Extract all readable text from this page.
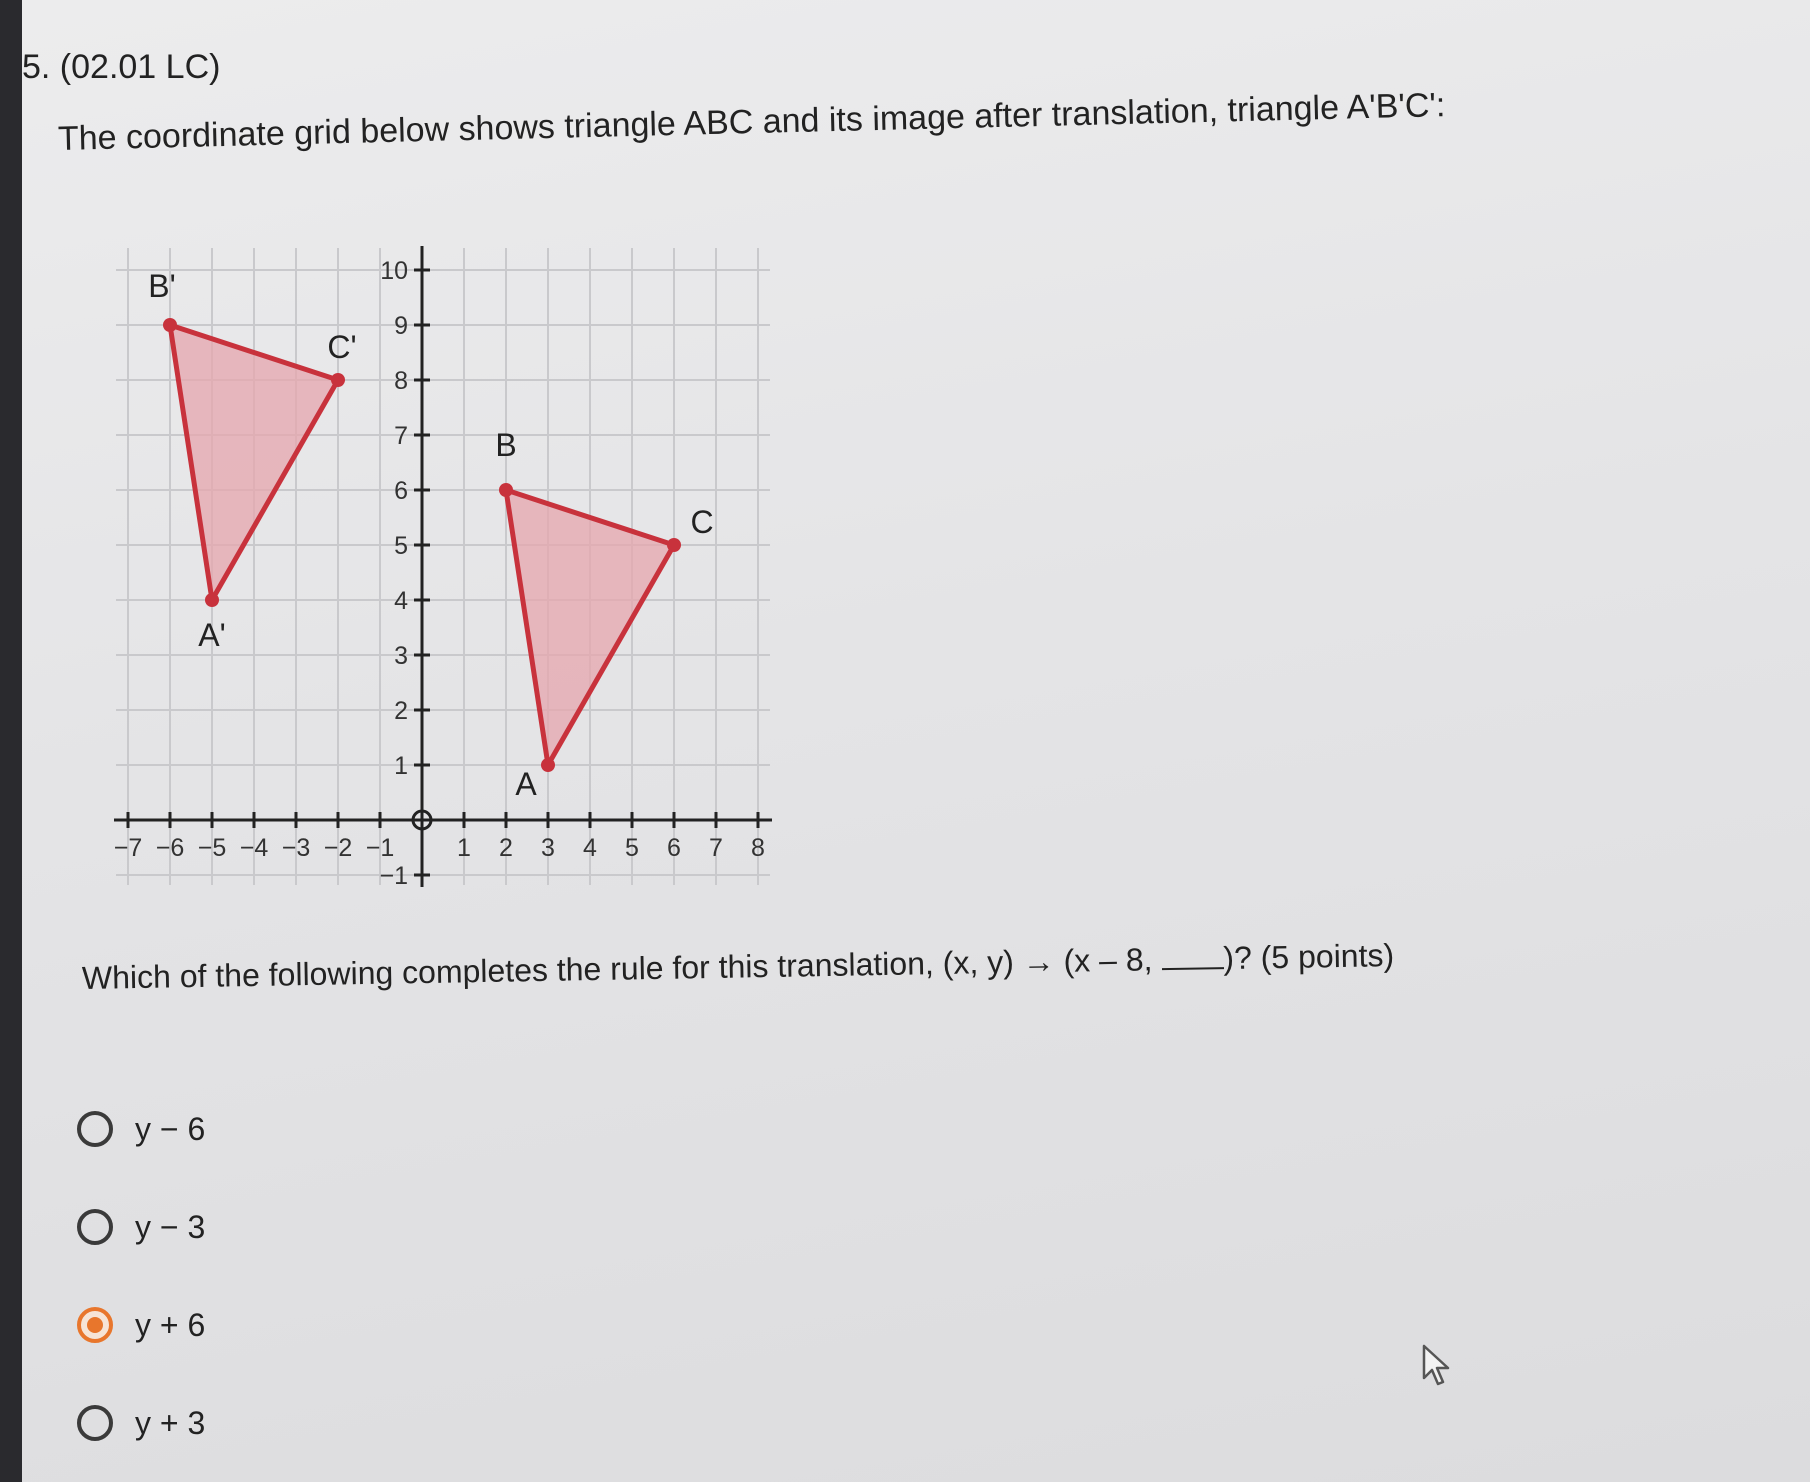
5. (02.01 LC)
The coordinate grid below shows triangle ABC and its image after translation, triangle A'B'C':
−7 −6 −5 −4 −3 −2 −1	1 2 3 4 5 6 7 8
−1
1
2
3
4
5
6
7
8
9
10
A
B
C
A'
B'
C'
Which of the following completes the rule for this translation, (x, y) → (x – 8, )? (5 points)
y − 6
y − 3
y + 6
y + 3
